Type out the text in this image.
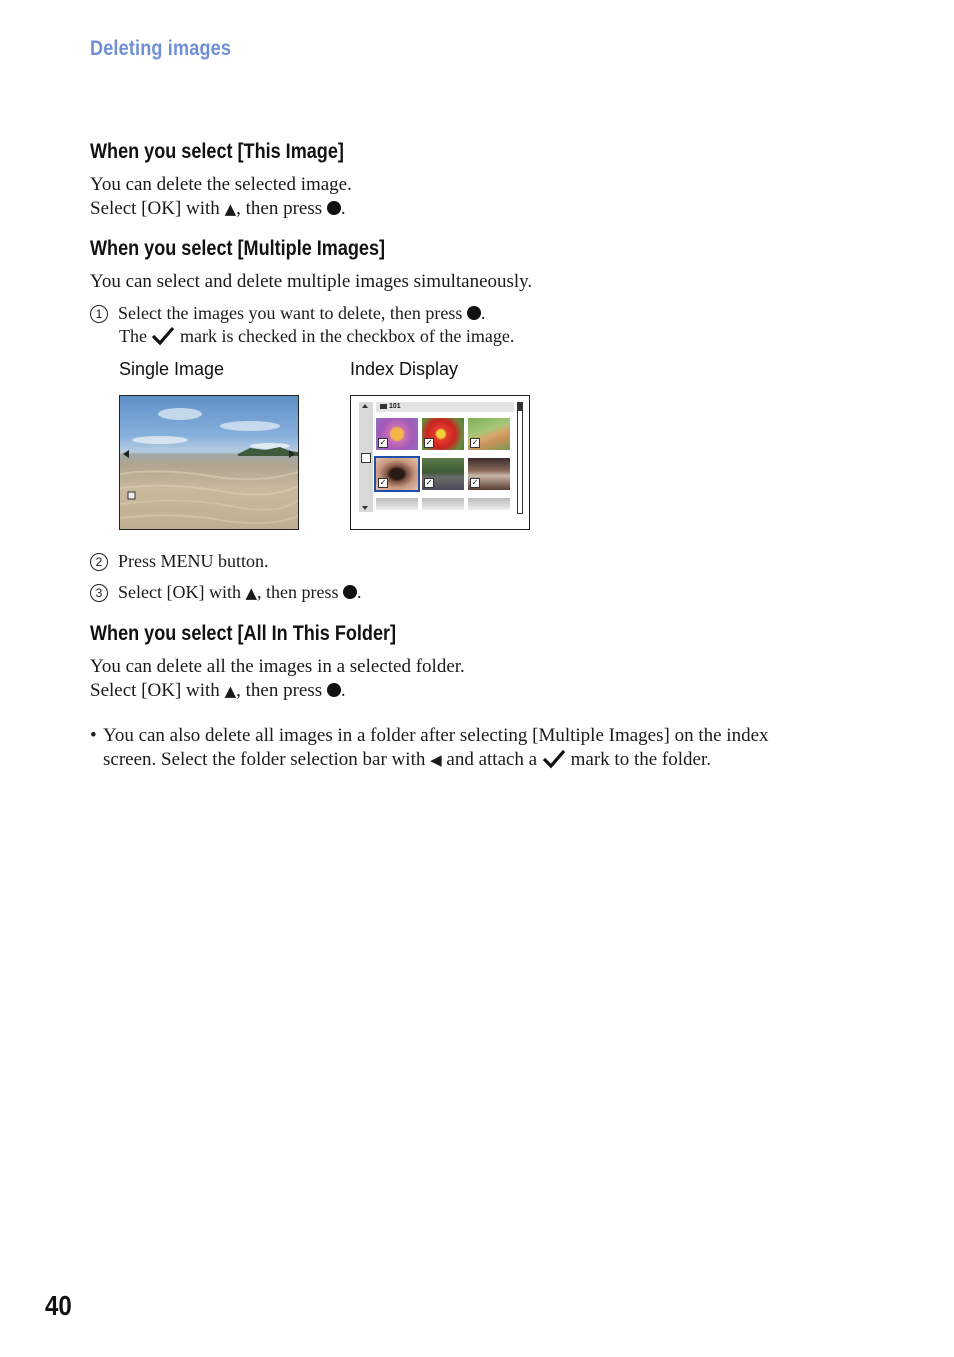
Deleting images
When you select [This Image]
You can delete the selected image.
Select [OK] with ▲, then press .
When you select [Multiple Images]
You can select and delete multiple images simultaneously.
1 Select the images you want to delete, then press .
The  mark is checked in the checkbox of the image.
Single Image	Index Display
101
✓	✓	✓
✓	✓	✓
2 Press MENU button.
3 Select [OK] with ▲, then press .
When you select [All In This Folder]
You can delete all the images in a selected folder.
Select [OK] with ▲, then press .
• You can also delete all images in a folder after selecting [Multiple Images] on the index
screen. Select the folder selection bar with ◀ and attach a  mark to the folder.
40
